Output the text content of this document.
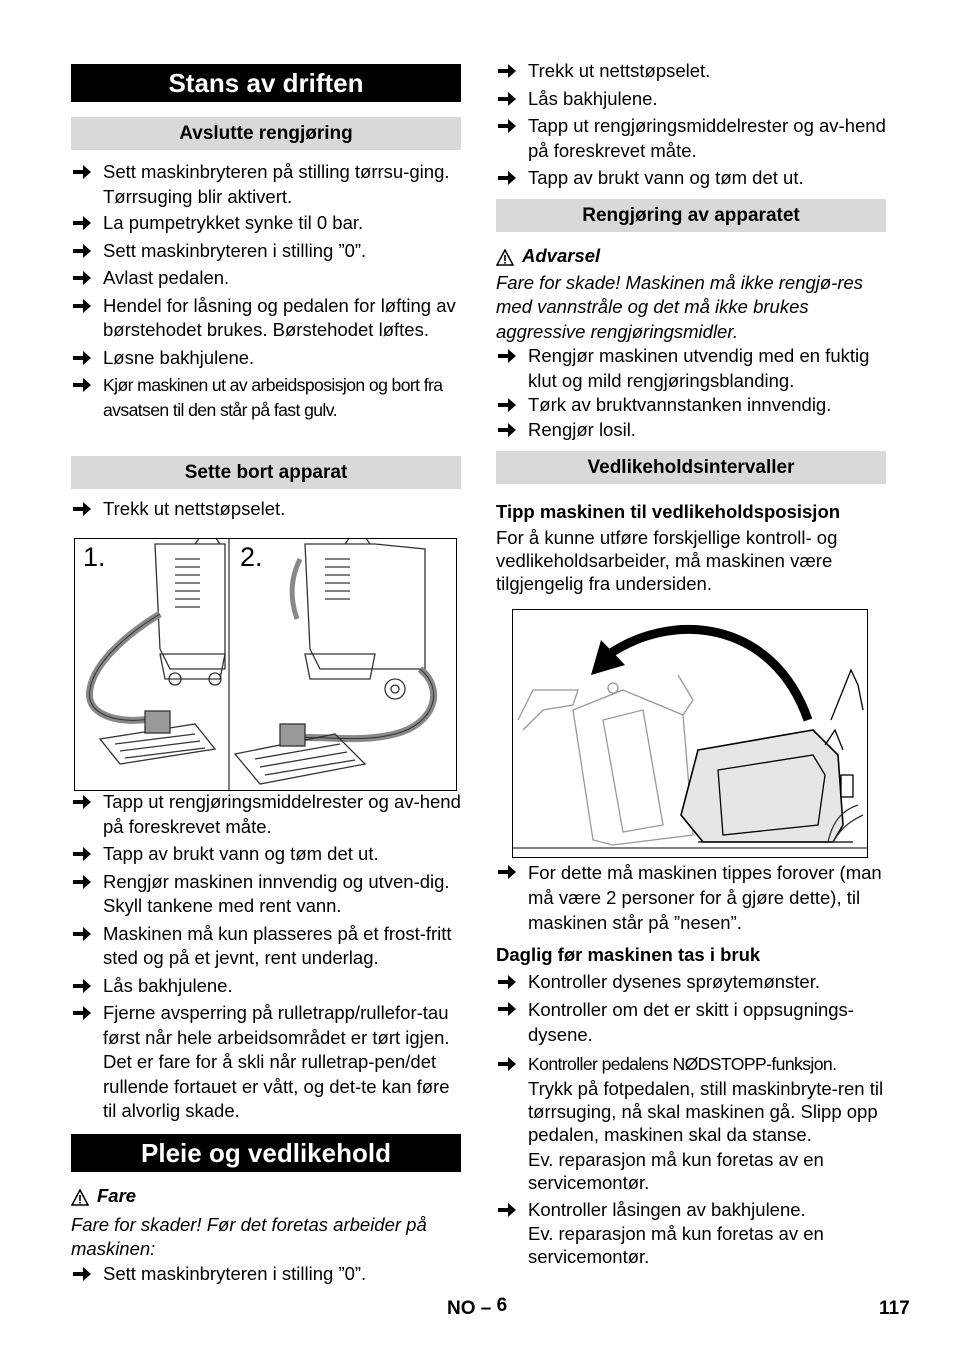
Stans av driften
Avslutte rengjøring
Sett maskinbryteren på stilling tørrsu-ging. Tørrsuging blir aktivert.
La pumpetrykket synke til 0 bar.
Sett maskinbryteren i stilling ”0”.
Avlast pedalen.
Hendel for låsning og pedalen for løfting av børstehodet brukes. Børstehodet løftes.
Løsne bakhjulene.
Kjør maskinen ut av arbeidsposisjon og bort fra avsatsen til den står på fast gulv.
Sette bort apparat
Trekk ut nettstøpselet.
1.	2.
Tapp ut rengjøringsmiddelrester og av-hend på foreskrevet måte.
Tapp av brukt vann og tøm det ut.
Rengjør maskinen innvendig og utven-dig. Skyll tankene med rent vann.
Maskinen må kun plasseres på et frost-fritt sted og på et jevnt, rent underlag.
Lås bakhjulene.
Fjerne avsperring på rulletrapp/rullefor-tau først når hele arbeidsområdet er tørt igjen. Det er fare for å skli når rulletrap-pen/det rullende fortauet er vått, og det-te kan føre til alvorlig skade.
Pleie og vedlikehold
Fare
Fare for skader! Før det foretas arbeider på maskinen:
Sett maskinbryteren i stilling ”0”.
Trekk ut nettstøpselet.
Lås bakhjulene.
Tapp ut rengjøringsmiddelrester og av-hend på foreskrevet måte.
Tapp av brukt vann og tøm det ut.
Rengjøring av apparatet
Advarsel
Fare for skade! Maskinen må ikke rengjø-res med vannstråle og det må ikke brukes aggressive rengjøringsmidler.
Rengjør maskinen utvendig med en fuktig klut og mild rengjøringsblanding.
Tørk av bruktvannstanken innvendig.
Rengjør losil.
Vedlikeholdsintervaller
Tipp maskinen til vedlikeholdsposisjon
For å kunne utføre forskjellige kontroll- og vedlikeholdsarbeider, må maskinen være tilgjengelig fra undersiden.
For dette må maskinen tippes forover (man må være 2 personer for å gjøre dette), til maskinen står på ”nesen”.
Daglig før maskinen tas i bruk
Kontroller dysenes sprøytemønster.
Kontroller om det er skitt i oppsugnings-dysene.
Kontroller pedalens NØDSTOPP-funksjon.
Trykk på fotpedalen, still maskinbryte-ren til tørrsuging, nå skal maskinen gå. Slipp opp pedalen, maskinen skal da stanse.
Ev. reparasjon må kun foretas av en servicemontør.
Kontroller låsingen av bakhjulene.
Ev. reparasjon må kun foretas av en servicemontør.
NO – 6	117
